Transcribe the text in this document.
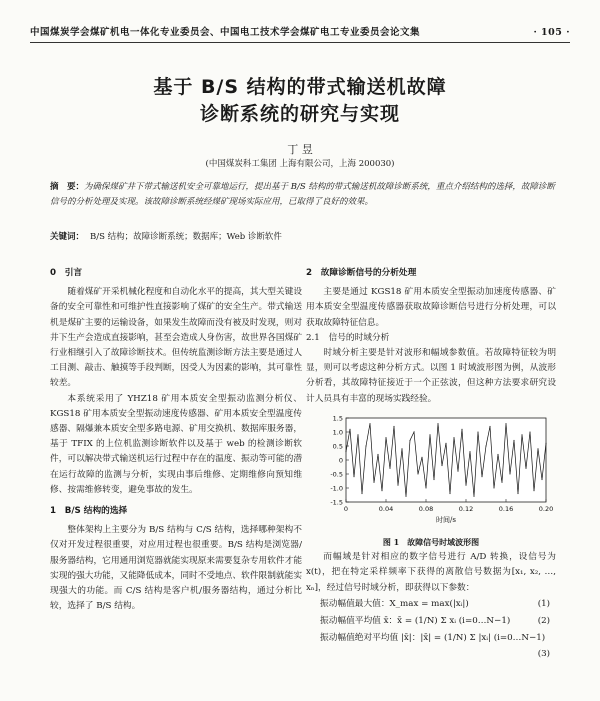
中国煤炭学会煤矿机电一体化专业委员会、中国电工技术学会煤矿电工专业委员会论文集	· 105 ·
基于 B/S 结构的带式输送机故障
诊断系统的研究与实现
丁 昱
(中国煤炭科工集团 上海有限公司，上海 200030)
摘　要：为确保煤矿井下带式输送机安全可靠地运行，提出基于 B/S 结构的带式输送机故障诊断系统，重点介绍结构的选择，故障诊断信号的分析处理及实现。该故障诊断系统经煤矿现场实际应用，已取得了良好的效果。
关键词： B/S 结构；故障诊断系统；数据库；Web 诊断软件
0　引言

随着煤矿开采机械化程度和自动化水平的提高，其大型关键设备的安全可靠性和可维护性直接影响了煤矿的安全生产。带式输送机是煤矿主要的运输设备，如果发生故障而没有被及时发现，则对井下生产会造成直接影响，甚至会造成人身伤害，故世界各国煤矿行业相继引入了故障诊断技术。但传统监测诊断方法主要是通过人工目测、敲击、触摸等手段判断，因受人为因素的影响，其可靠性较差。

本系统采用了 YHZ18 矿用本质安全型振动监测分析仪、KGS18 矿用本质安全型振动速度传感器、矿用本质安全型温度传感器、隔爆兼本质安全型多路电源、矿用交换机、数据库服务器，基于 TFIX 的上位机监测诊断软件以及基于 web 的检测诊断软件，可以解决带式输送机运行过程中存在的温度、振动等可能的潜在运行故障的监测与分析，实现由事后维修、定期维修向预知维修、按需维修转变，避免事故的发生。

1　B/S 结构的选择

整体架构上主要分为 B/S 结构与 C/S 结构，选择哪种架构不仅对开发过程很重要，对应用过程也很重要。B/S 结构是浏览器/服务器结构，它用通用浏览器就能实现原来需要复杂专用软件才能实现的强大功能，又能降低成本，同时不受地点、软件限制就能实现强大的功能。而 C/S 结构是客户机/服务器结构，通过分析比较，选择了 B/S 结构。

2　故障诊断信号的分析处理

主要是通过 KGS18 矿用本质安全型振动加速度传感器、矿用本质安全型温度传感器获取故障诊断信号进行分析处理，可以获取故障特征信息。

2.1　信号的时域分析

时域分析主要是针对波形和幅域参数值。若故障特征较为明显，则可以考虑这种分析方式。以图 1 时域波形图为例，从波形分析看，其故障特征接近于一个正弦波，但这种方法要求研究设计人员具有丰富的现场实践经验。

1.5
1.0
0.5
0
-0.5
-1.0
-1.5
0	0.04	0.08	0.12	0.16	0.20
时间/s
图 1　故障信号时域波形图

而幅域是针对相应的数字信号进行 A/D 转换，设信号为 x(t)，把在特定采样频率下获得的离散信号数据为[x₁, x₂, …, xₙ]，经过信号时域分析，即获得以下参数：

振动幅值最大值：X_max = max(|xᵢ|)	(1)
振动幅值平均值 x̄：x̄ = (1/N) Σ xᵢ (i=0…N−1)	(2)
振动幅值绝对平均值 |x̄|：|x̄| = (1/N) Σ |xᵢ| (i=0…N−1)
(3)
